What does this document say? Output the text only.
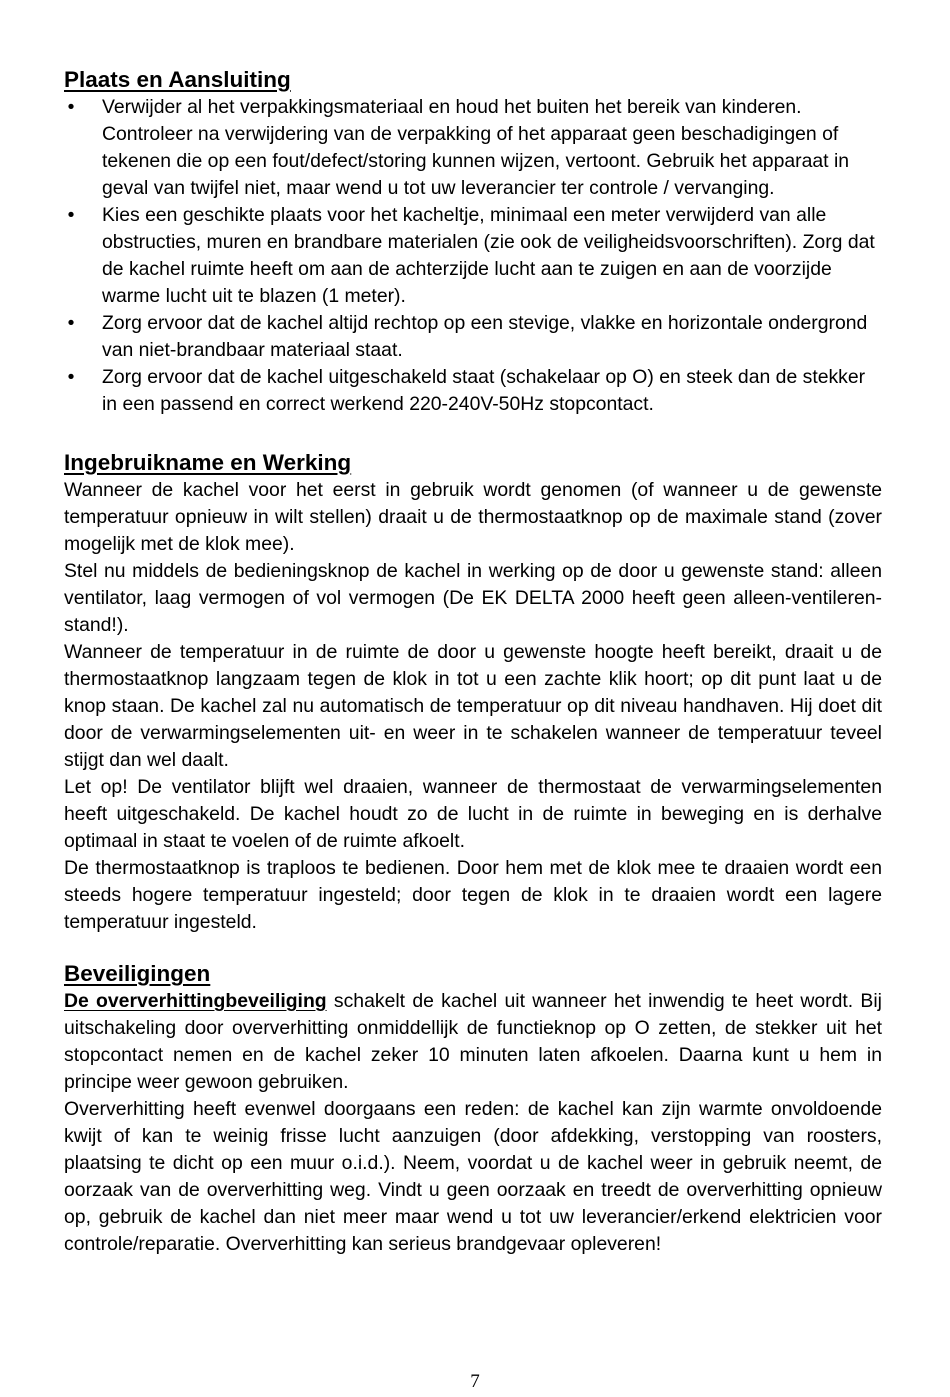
Plaats en Aansluiting
• Verwijder al het verpakkingsmateriaal en houd het buiten het bereik van kinderen. Controleer na verwijdering van de verpakking of het apparaat geen beschadigingen of tekenen die op een fout/defect/storing kunnen wijzen, vertoont. Gebruik het apparaat in geval van twijfel niet, maar wend u tot uw leverancier ter controle / vervanging.
• Kies een geschikte plaats voor het kacheltje, minimaal een meter verwijderd van alle obstructies, muren en brandbare materialen (zie ook de veiligheidsvoorschriften). Zorg dat de kachel ruimte heeft om aan de achterzijde lucht aan te zuigen en aan de voorzijde warme lucht uit te blazen (1 meter).
• Zorg ervoor dat de kachel altijd rechtop op een stevige, vlakke en horizontale ondergrond van niet-brandbaar materiaal staat.
• Zorg ervoor dat de kachel uitgeschakeld staat (schakelaar op O) en steek dan de stekker in een passend en correct werkend 220-240V-50Hz stopcontact.
Ingebruikname en Werking

Wanneer de kachel voor het eerst in gebruik wordt genomen (of wanneer u de gewenste temperatuur opnieuw in wilt stellen) draait u de thermostaatknop op de maximale stand (zover mogelijk met de klok mee).

Stel nu middels de bedieningsknop de kachel in werking op de door u gewenste stand: alleen ventilator, laag vermogen of vol vermogen (De EK DELTA 2000 heeft geen alleen-ventileren-stand!).

Wanneer de temperatuur in de ruimte de door u gewenste hoogte heeft bereikt, draait u de thermostaatknop langzaam tegen de klok in tot u een zachte klik hoort; op dit punt laat u de knop staan. De kachel zal nu automatisch de temperatuur op dit niveau handhaven. Hij doet dit door de verwarmingselementen uit- en weer in te schakelen wanneer de temperatuur teveel stijgt dan wel daalt.

Let op! De ventilator blijft wel draaien, wanneer de thermostaat de verwarmingselementen heeft uitgeschakeld. De kachel houdt zo de lucht in de ruimte in beweging en is derhalve optimaal in staat te voelen of de ruimte afkoelt.

De thermostaatknop is traploos te bedienen. Door hem met de klok mee te draaien wordt een steeds hogere temperatuur ingesteld; door tegen de klok in te draaien wordt een lagere temperatuur ingesteld.

Beveiligingen

De oververhittingbeveiliging schakelt de kachel uit wanneer het inwendig te heet wordt. Bij uitschakeling door oververhitting onmiddellijk de functieknop op O zetten, de stekker uit het stopcontact nemen en de kachel zeker 10 minuten laten afkoelen. Daarna kunt u hem in principe weer gewoon gebruiken.

Oververhitting heeft evenwel doorgaans een reden: de kachel kan zijn warmte onvoldoende kwijt of kan te weinig frisse lucht aanzuigen (door afdekking, verstopping van roosters, plaatsing te dicht op een muur o.i.d.). Neem, voordat u de kachel weer in gebruik neemt, de oorzaak van de oververhitting weg. Vindt u geen oorzaak en treedt de oververhitting opnieuw op, gebruik de kachel dan niet meer maar wend u tot uw leverancier/erkend elektricien voor controle/reparatie. Oververhitting kan serieus brandgevaar opleveren!

7
